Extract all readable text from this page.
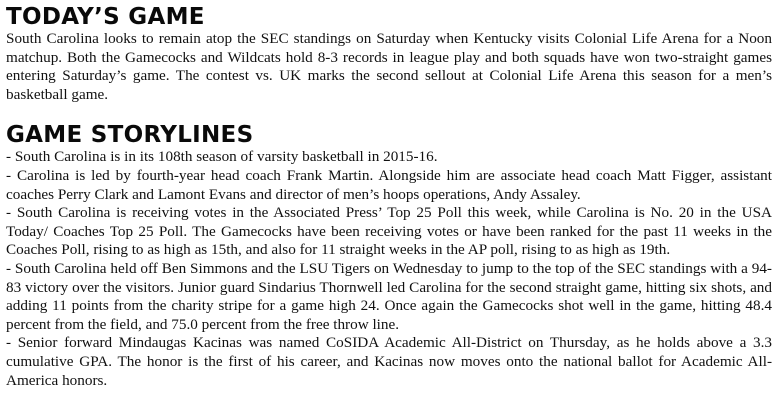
TODAY’S GAME

South Carolina looks to remain atop the SEC standings on Saturday when Kentucky visits Colonial Life Arena for a Noon matchup. Both the Gamecocks and Wildcats hold 8-3 records in league play and both squads have won two-straight games entering Saturday’s game. The contest vs. UK marks the second sellout at Colonial Life Arena this season for a men’s basketball game.

GAME STORYLINES
- South Carolina is in its 108th season of varsity basketball in 2015-16.
- Carolina is led by fourth-year head coach Frank Martin. Alongside him are associate head coach Matt Figger, assistant coaches Perry Clark and Lamont Evans and director of men’s hoops operations, Andy Assaley.
- South Carolina is receiving votes in the Associated Press’ Top 25 Poll this week, while Carolina is No. 20 in the USA Today/ Coaches Top 25 Poll. The Gamecocks have been receiving votes or have been ranked for the past 11 weeks in the Coaches Poll, rising to as high as 15th, and also for 11 straight weeks in the AP poll, rising to as high as 19th.
- South Carolina held off Ben Simmons and the LSU Tigers on Wednesday to jump to the top of the SEC standings with a 94-83 victory over the visitors. Junior guard Sindarius Thornwell led Carolina for the second straight game, hitting six shots, and adding 11 points from the charity stripe for a game high 24. Once again the Gamecocks shot well in the game, hitting 48.4 percent from the field, and 75.0 percent from the free throw line.
- Senior forward Mindaugas Kacinas was named CoSIDA Academic All-District on Thursday, as he holds above a 3.3 cumulative GPA. The honor is the first of his career, and Kacinas now moves onto the national ballot for Academic All-America honors.
